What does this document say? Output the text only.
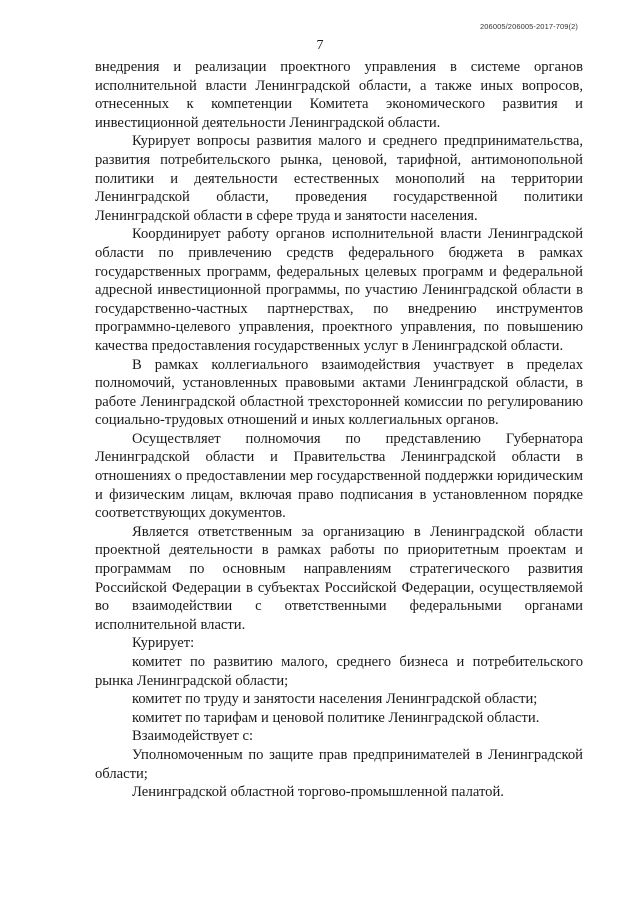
206005/206005-2017-709(2)
7

внедрения и реализации проектного управления в системе органов исполнительной власти Ленинградской области, а также иных вопросов, отнесенных к компетенции Комитета экономического развития и инвестиционной деятельности Ленинградской области.

Курирует вопросы развития малого и среднего предпринимательства, развития потребительского рынка, ценовой, тарифной, антимонопольной политики и деятельности естественных монополий на территории Ленинградской области, проведения государственной политики Ленинградской области в сфере труда и занятости населения.

Координирует работу органов исполнительной власти Ленинградской области по привлечению средств федерального бюджета в рамках государственных программ, федеральных целевых программ и федеральной адресной инвестиционной программы, по участию Ленинградской области в государственно-частных партнерствах, по внедрению инструментов программно-целевого управления, проектного управления, по повышению качества предоставления государственных услуг в Ленинградской области.

В рамках коллегиального взаимодействия участвует в пределах полномочий, установленных правовыми актами Ленинградской области, в работе Ленинградской областной трехсторонней комиссии по регулированию социально-трудовых отношений и иных коллегиальных органов.

Осуществляет полномочия по представлению Губернатора Ленинградской области и Правительства Ленинградской области в отношениях о предоставлении мер государственной поддержки юридическим и физическим лицам, включая право подписания в установленном порядке соответствующих документов.

Является ответственным за организацию в Ленинградской области проектной деятельности в рамках работы по приоритетным проектам и программам по основным направлениям стратегического развития Российской Федерации в субъектах Российской Федерации, осуществляемой во взаимодействии с ответственными федеральными органами исполнительной власти.

Курирует:

комитет по развитию малого, среднего бизнеса и потребительского рынка Ленинградской области;

комитет по труду и занятости населения Ленинградской области;

комитет по тарифам и ценовой политике Ленинградской области.

Взаимодействует с:

Уполномоченным по защите прав предпринимателей в Ленинградской области;

Ленинградской областной торгово-промышленной палатой.
